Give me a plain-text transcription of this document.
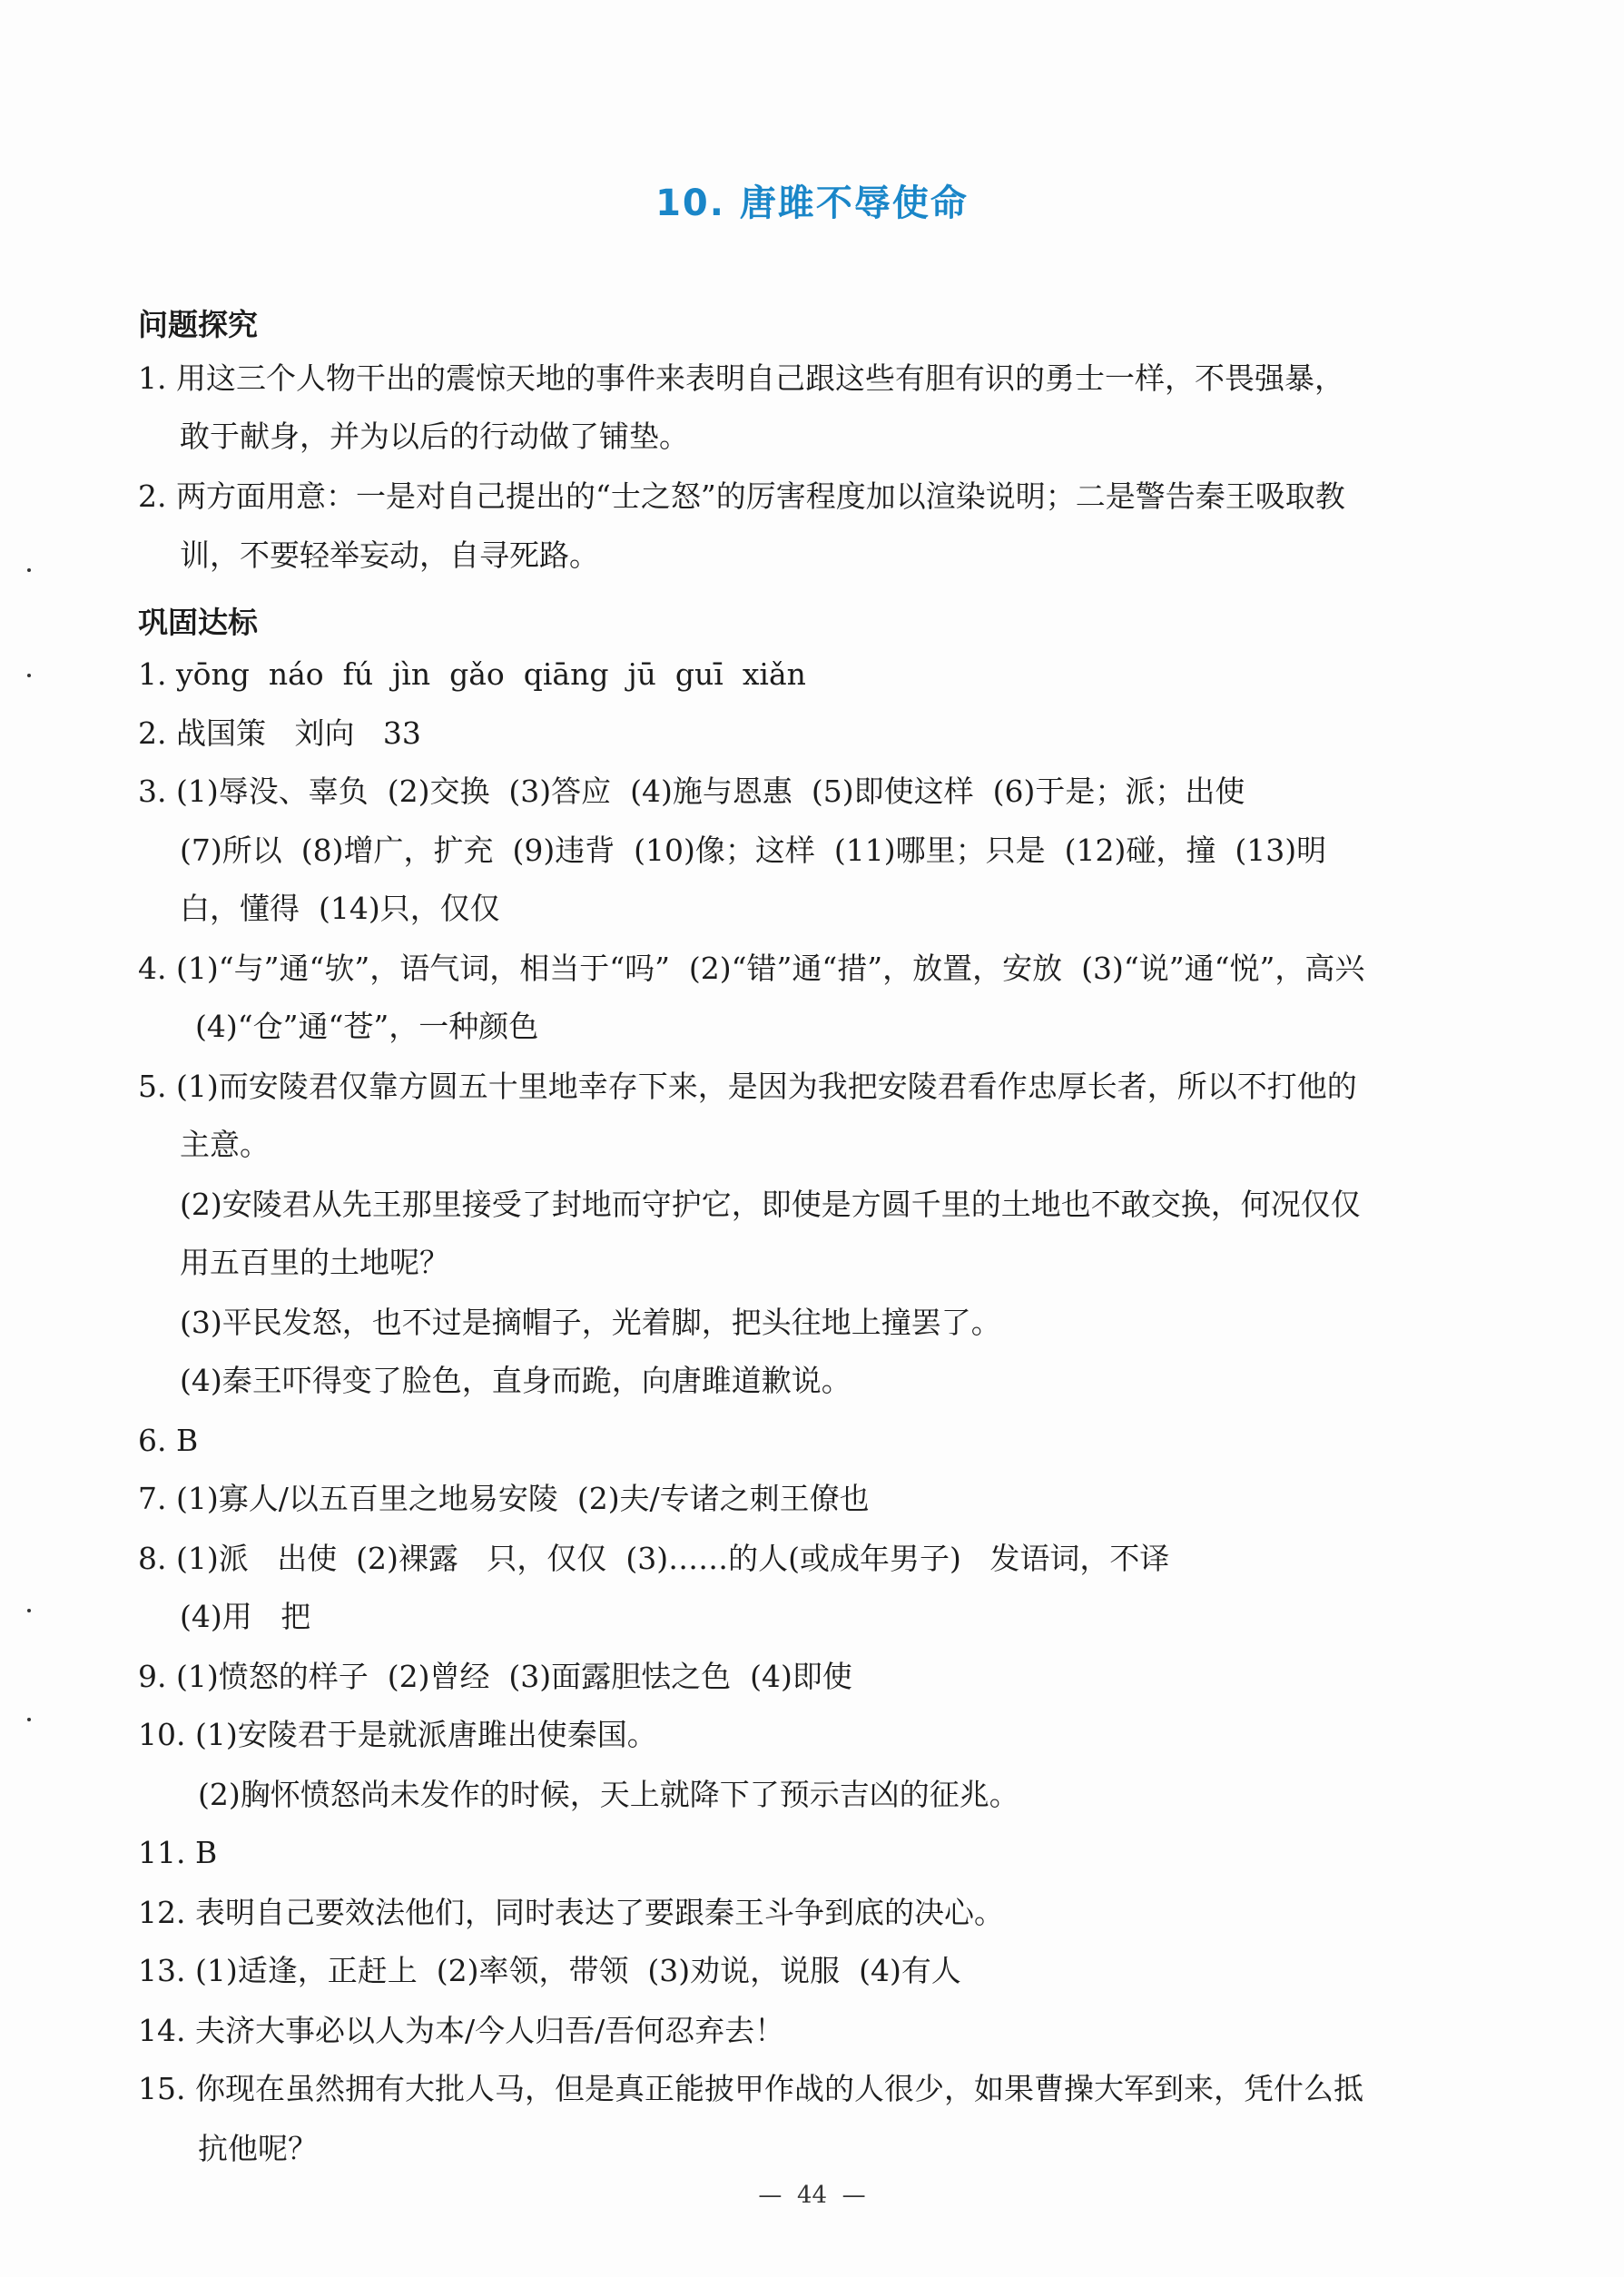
10. 唐雎不辱使命
问题探究
1. 用这三个人物干出的震惊天地的事件来表明自己跟这些有胆有识的勇士一样，不畏强暴，
敢于献身，并为以后的行动做了铺垫。
2. 两方面用意：一是对自己提出的“士之怒”的厉害程度加以渲染说明；二是警告秦王吸取教
训，不要轻举妄动，自寻死路。
巩固达标
1. yōng  náo  fú  jìn  gǎo  qiāng  jū  guī  xiǎn
2. 战国策   刘向   33
3. (1)辱没、辜负  (2)交换  (3)答应  (4)施与恩惠  (5)即使这样  (6)于是；派；出使
(7)所以  (8)增广，扩充  (9)违背  (10)像；这样  (11)哪里；只是  (12)碰，撞  (13)明
白，懂得  (14)只，仅仅
4. (1)“与”通“欤”，语气词，相当于“吗”  (2)“错”通“措”，放置，安放  (3)“说”通“悦”，高兴
(4)“仓”通“苍”，一种颜色
5. (1)而安陵君仅靠方圆五十里地幸存下来，是因为我把安陵君看作忠厚长者，所以不打他的
主意。
(2)安陵君从先王那里接受了封地而守护它，即使是方圆千里的土地也不敢交换，何况仅仅
用五百里的土地呢？
(3)平民发怒，也不过是摘帽子，光着脚，把头往地上撞罢了。
(4)秦王吓得变了脸色，直身而跪，向唐雎道歉说。
6. B
7. (1)寡人/以五百里之地易安陵  (2)夫/专诸之刺王僚也
8. (1)派   出使  (2)裸露   只，仅仅  (3)……的人(或成年男子)   发语词，不译
(4)用   把
9. (1)愤怒的样子  (2)曾经  (3)面露胆怯之色  (4)即使
10. (1)安陵君于是就派唐雎出使秦国。
(2)胸怀愤怒尚未发作的时候，天上就降下了预示吉凶的征兆。
11. B
12. 表明自己要效法他们，同时表达了要跟秦王斗争到底的决心。
13. (1)适逢，正赶上  (2)率领，带领  (3)劝说，说服  (4)有人
14. 夫济大事必以人为本/今人归吾/吾何忍弃去！
15. 你现在虽然拥有大批人马，但是真正能披甲作战的人很少，如果曹操大军到来，凭什么抵
抗他呢？
—  44  —
